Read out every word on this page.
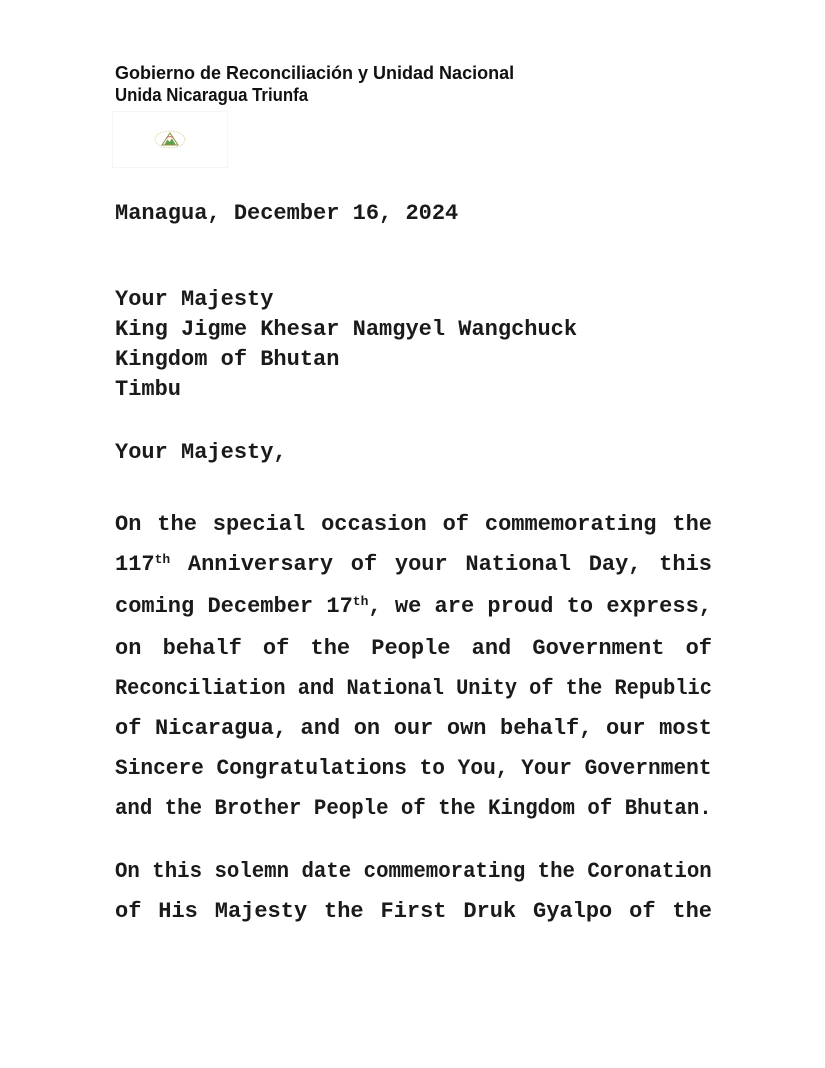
Gobierno de Reconciliación y Unidad Nacional
Unida Nicaragua Triunfa
Managua, December 16, 2024
Your Majesty
King Jigme Khesar Namgyel Wangchuck
Kingdom of Bhutan
Timbu
Your Majesty,
On the special occasion of commemorating the
117th Anniversary of your National Day, this
coming December 17th, we are proud to express,
on behalf of the People and Government of
Reconciliation and National Unity of the Republic
of Nicaragua, and on our own behalf, our most
Sincere Congratulations to You, Your Government
and the Brother People of the Kingdom of Bhutan.
On this solemn date commemorating the Coronation
of His Majesty the First Druk Gyalpo of the
